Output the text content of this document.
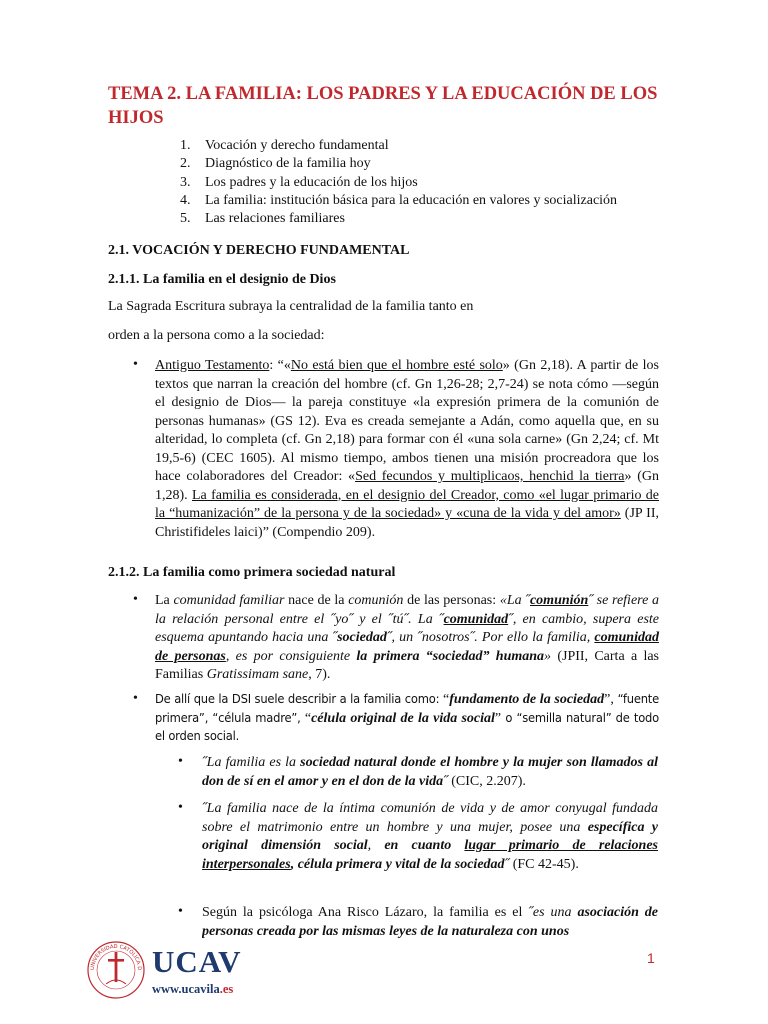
TEMA 2. LA FAMILIA: LOS PADRES Y LA EDUCACIÓN DE LOS HIJOS
1. Vocación y derecho fundamental
2. Diagnóstico de la familia hoy
3. Los padres y la educación de los hijos
4. La familia: institución básica para la educación en valores y socialización
5. Las relaciones familiares
2.1. VOCACIÓN Y DERECHO FUNDAMENTAL
2.1.1. La familia en el designio de Dios

La Sagrada Escritura subraya la centralidad de la familia tanto en

orden a la persona como a la sociedad:

• Antiguo Testamento: “«No está bien que el hombre esté solo» (Gn 2,18). A partir de los textos que narran la creación del hombre (cf. Gn 1,26-28; 2,7-24) se nota cómo —según el designio de Dios— la pareja constituye «la expresión primera de la comunión de personas humanas» (GS 12). Eva es creada semejante a Adán, como aquella que, en su alteridad, lo completa (cf. Gn 2,18) para formar con él «una sola carne» (Gn 2,24; cf. Mt 19,5-6) (CEC 1605). Al mismo tiempo, ambos tienen una misión procreadora que los hace colaboradores del Creador: «Sed fecundos y multiplicaos, henchid la tierra» (Gn 1,28). La familia es considerada, en el designio del Creador, como «el lugar primario de la “humanización” de la persona y de la sociedad» y «cuna de la vida y del amor» (JP II, Christifideles laici)” (Compendio 209).
2.1.2. La familia como primera sociedad natural
• La comunidad familiar nace de la comunión de las personas: «La ˝comunión˝ se refiere a la relación personal entre el ˝yo˝ y el ˝tú˝. La ˝comunidad˝, en cambio, supera este esquema apuntando hacia una ˝sociedad˝, un ˝nosotros˝. Por ello la familia, comunidad de personas, es por consiguiente la primera “sociedad” humana» (JPII, Carta a las Familias Gratissimam sane, 7).
• De allí que la DSI suele describir a la familia como: “fundamento de la sociedad”, “fuente primera”, “célula madre”, “célula original de la vida social” o “semilla natural” de todo el orden social.
• ˝La familia es la sociedad natural donde el hombre y la mujer son llamados al don de sí en el amor y en el don de la vida˝ (CIC, 2.207).
• ˝La familia nace de la íntima comunión de vida y de amor conyugal fundada sobre el matrimonio entre un hombre y una mujer, posee una específica y original dimensión social, en cuanto lugar primario de relaciones interpersonales, célula primera y vital de la sociedad˝ (FC 42-45).
• Según la psicóloga Ana Risco Lázaro, la familia es el ˝es una asociación de personas creada por las mismas leyes de la naturaleza con unos
UNIVERSIDAD CATÓLICA D UCAV
www.ucavila.es
1
